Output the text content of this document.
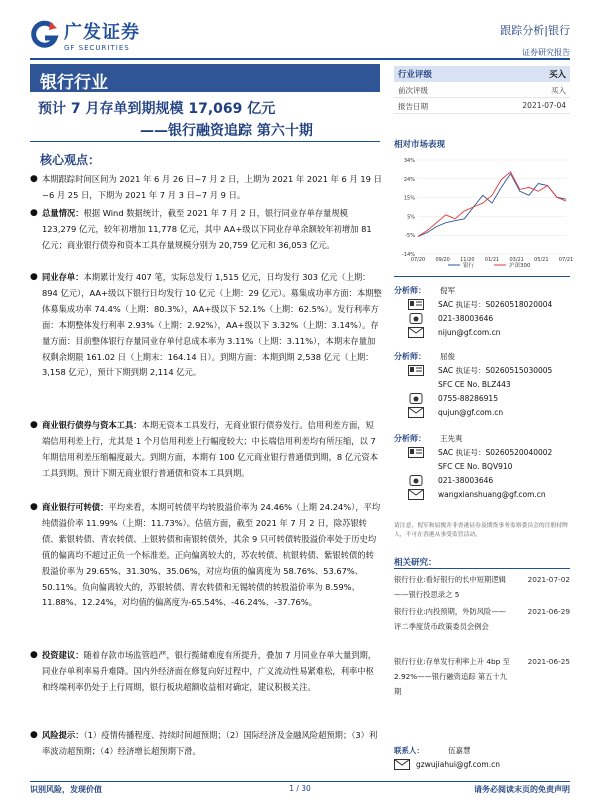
广发证券
GF SECURITIES
跟踪分析|银行
证券研究报告
银行行业
预计 7 月存单到期规模 17,069 亿元
——银行融资追踪 第六十期
核心观点：
● 本期跟踪时间区间为 2021 年 6 月 26 日~7 月 2 日，上期为 2021 年 2021 年 6 月 19 日~6 月 25 日，下期为 2021 年 7 月 3 日~7 月 9 日。

● 总量情况：根据 Wind 数据统计，截至 2021 年 7 月 2 日，银行同业存单存量规模 123,279 亿元，较年初增加 11,778 亿元，其中 AA+级以下同业存单余额较年初增加 81 亿元；商业银行债券和资本工具存量规模分别为 20,759 亿元和 36,053 亿元。

● 同业存单：本期累计发行 407 笔，实际总发行 1,515 亿元，日均发行 303 亿元（上期：894 亿元），AA+级以下银行日均发行 10 亿元（上期：29 亿元）。募集成功率方面：本期整体募集成功率 74.4%（上期：80.3%），AA+级以下 52.1%（上期：62.5%）。发行利率方面：本期整体发行利率 2.93%（上期：2.92%），AA+级以下 3.32%（上期：3.14%）。存量方面：目前整体银行存量同业存单付息成本率为 3.11%（上期：3.11%），本期末存量加权剩余期限 161.02 日（上期末：164.14 日）。到期方面：本期到期 2,538 亿元（上期：3,158 亿元），预计下期到期 2,114 亿元。

● 商业银行债券与资本工具：本期无资本工具发行，无商业银行债券发行。信用利差方面，短端信用利差上行，尤其是 1 个月信用利差上行幅度较大；中长端信用利差均有所压缩，以 7 年期信用利差压缩幅度最大。到期方面，本期有 100 亿元商业银行普通债到期，8 亿元资本工具到期。预计下期无商业银行普通债和资本工具到期。

● 商业银行可转债：平均来看，本期可转债平均转股溢价率为 24.46%（上期 24.24%），平均纯债溢价率 11.99%（上期：11.73%）。估值方面，截至 2021 年 7 月 2 日，除苏银转债、紫银转债、青农转债、上银转债和南银转债外，其余 9 只可转债转股溢价率处于历史均值的偏离均不超过正负一个标准差。正向偏离较大的，苏农转债、杭银转债、紫银转债的转股溢价率为 29.65%、31.30%、35.06%，对应均值的偏离度为 58.76%、53.67%、50.11%。负向偏离较大的，苏银转债、青农转债和无锡转债的转股溢价率为 8.59%、11.88%、12.24%，对均值的偏离度为-65.54%、-46.24%、-37.76%。

● 投资建议：随着存款市场监管趋严，银行揽储难度有所提升，叠加 7 月同业存单大量到期，同业存单利率易升难降。国内外经济面在修复向好过程中，广义流动性易紧难松，利率中枢和终端利率仍处于上行周期，银行板块超额收益相对确定，建议积极关注。

● 风险提示：（1）疫情传播程度、持续时间超预期；（2）国际经济及金融风险超预期；（3）利率波动超预期；（4）经济增长超预期下滑。

行业评级	买入
前次评级	买入
报告日期	2021-07-04
相对市场表现
34%
24%
15%
5%
-5%
-14%
07/20 09/20 11/20 01/21 03/21 05/21 07/21
银行	沪深300
分析师： 倪军
SAC 执证号：S0260518020004
021-38003646
nijun@gf.com.cn
分析师： 屈俊
SAC 执证号：S0260515030005
SFC CE No. BLZ443
0755-88286915
qujun@gf.com.cn
分析师： 王先爽
SAC 执证号：S0260520040002
SFC CE No. BQV910
021-38003646
wangxianshuang@gf.com.cn
请注意，倪军和屈俊并非香港证券及期货事务监察委员会的注册持牌人，不可在香港从事受监管活动。
相关研究：
银行行业:看好银行的长中短期逻辑 ——银行投思录之 5
2021-07-02
银行行业:内投预期，外防风险——评二季度货币政策委员会例会
2021-06-29
银行行业:存单发行利率上升 4bp 至 2.92%——银行融资追踪 第五十九期
2021-06-25
联系人：	伍嘉慧
gzwujiahui@gf.com.cn
识别风险，发现价值	1 / 30	请务必阅读末页的免责声明
